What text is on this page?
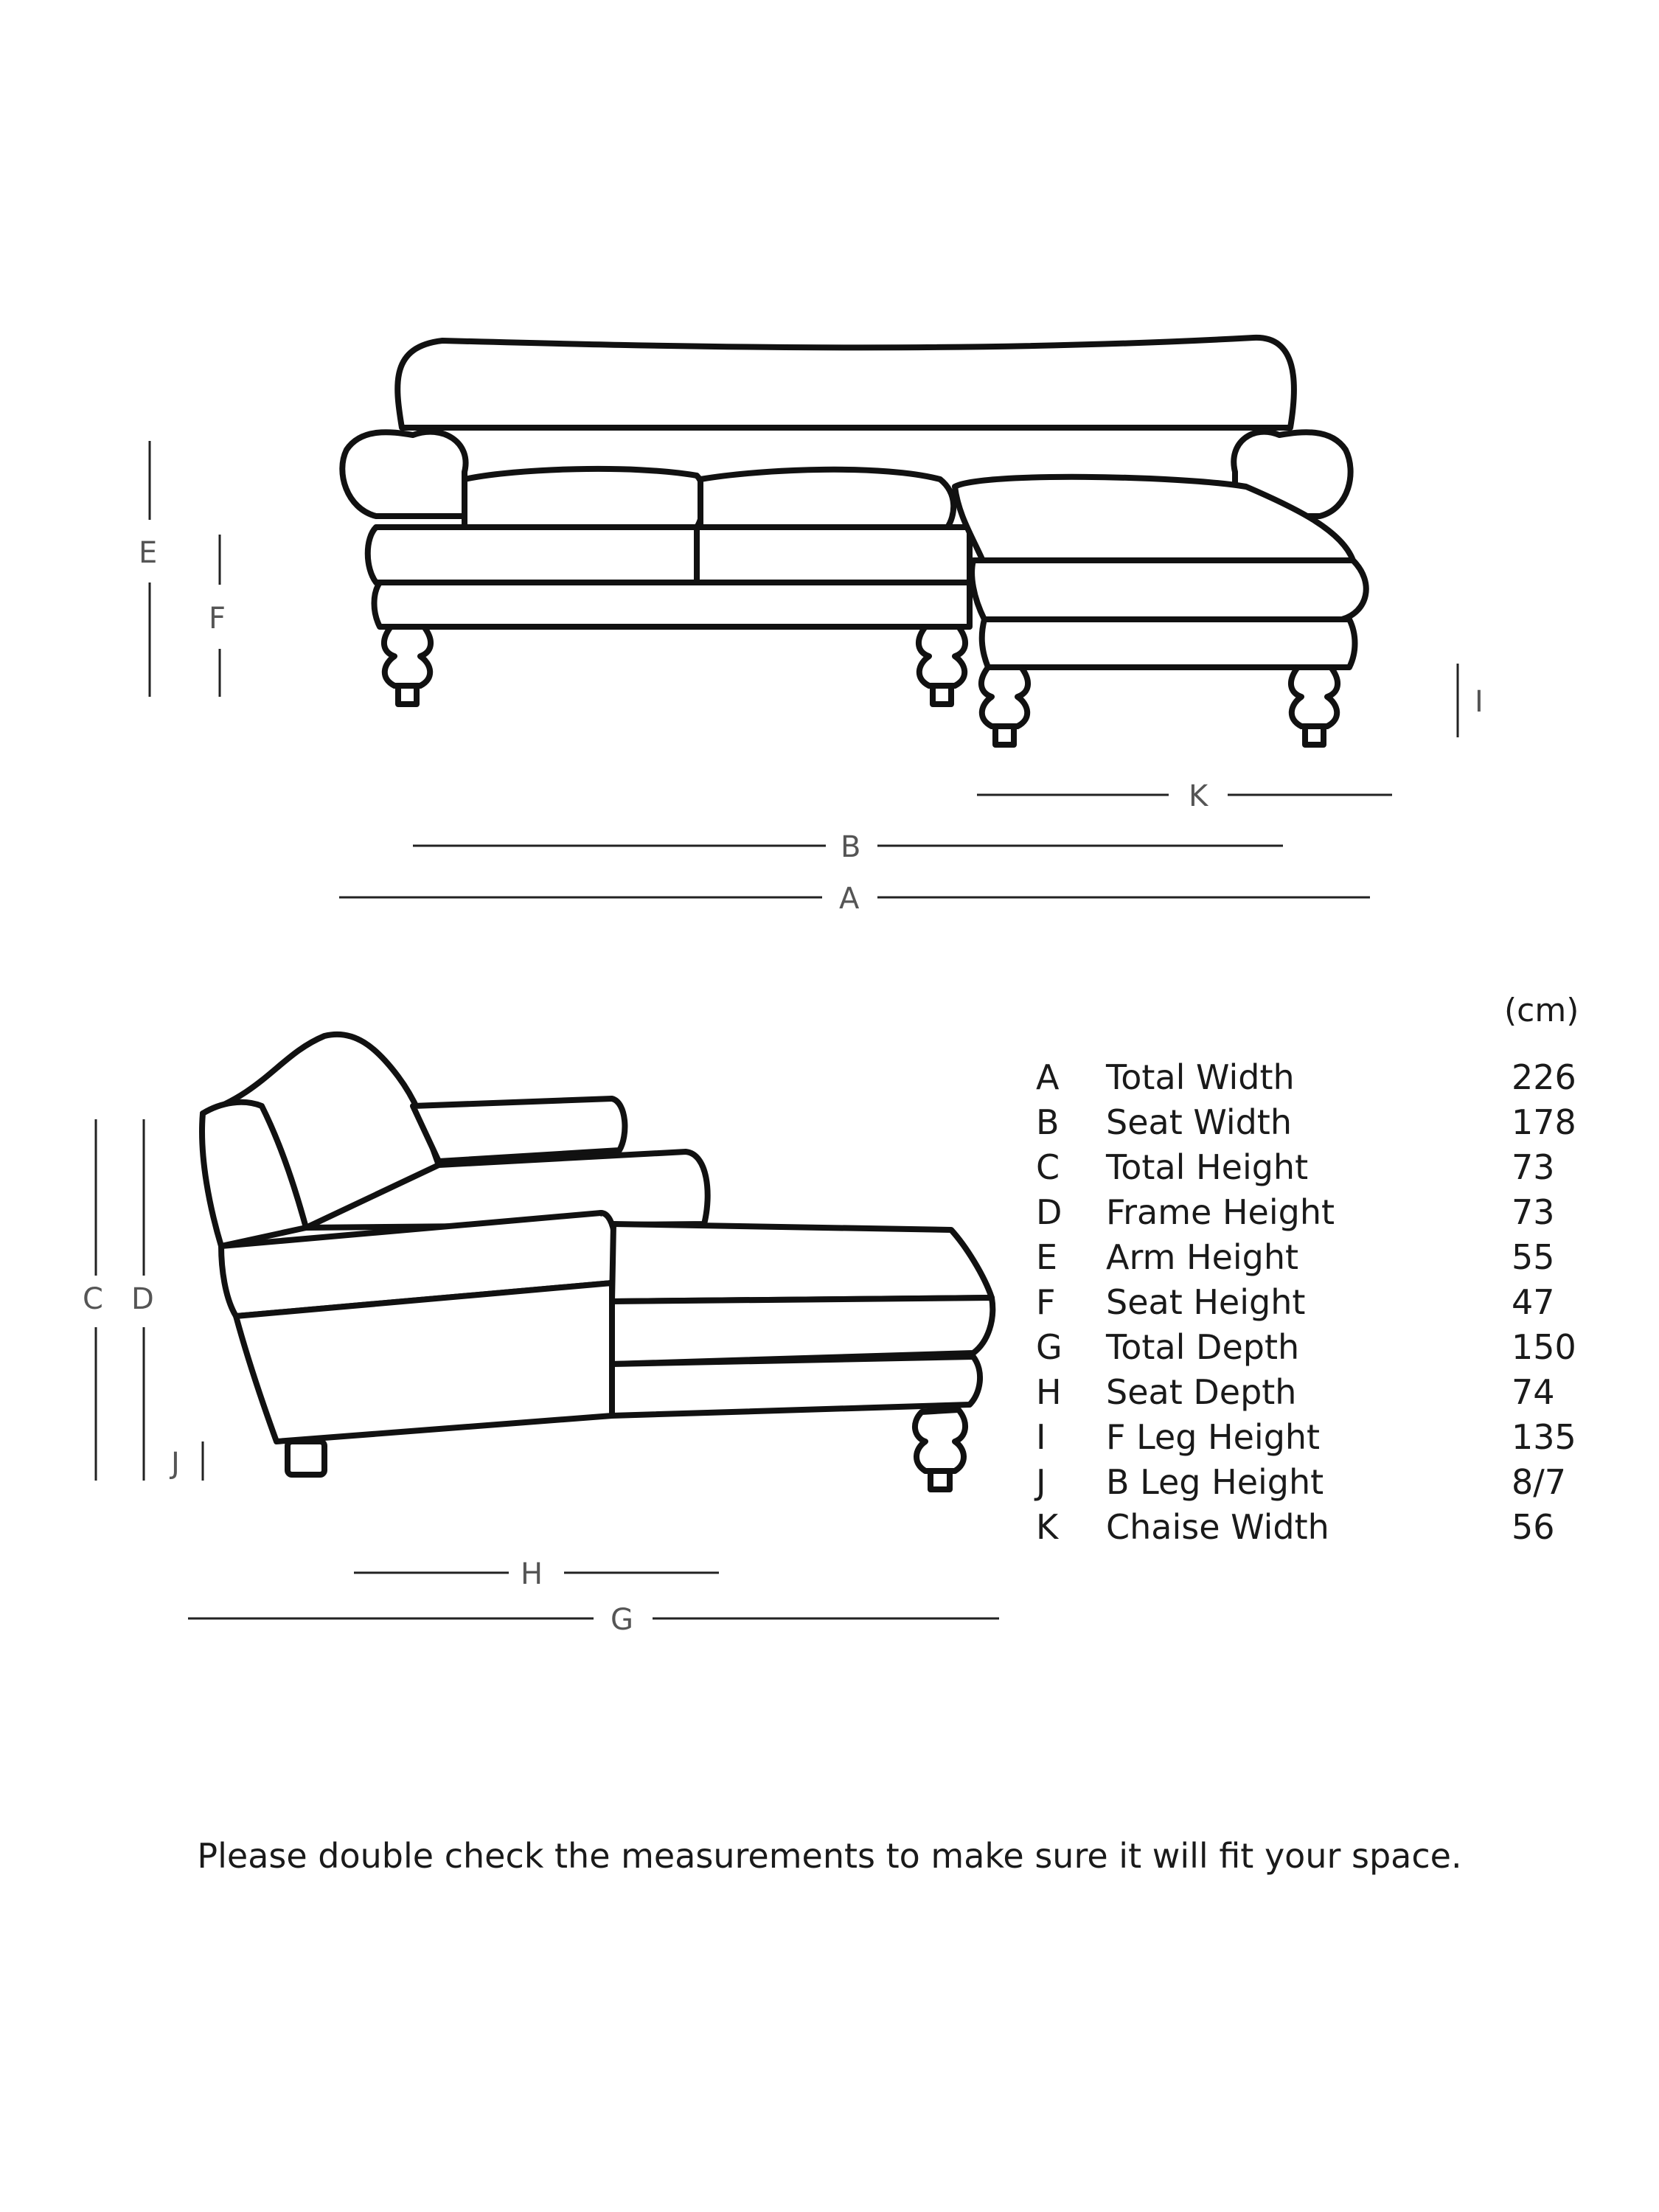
E
F
I
K
B
A
C D
J
H
G
(cm)
A	Total Width	226
B	Seat Width	178
C	Total Height	73
D	Frame Height	73
E	Arm Height	55
F	Seat Height	47
G	Total Depth	150
H	Seat Depth	74
I	F Leg Height	135
J	B Leg Height	8/7
K	Chaise Width	56
Please double check the measurements to make sure it will fit your space.
